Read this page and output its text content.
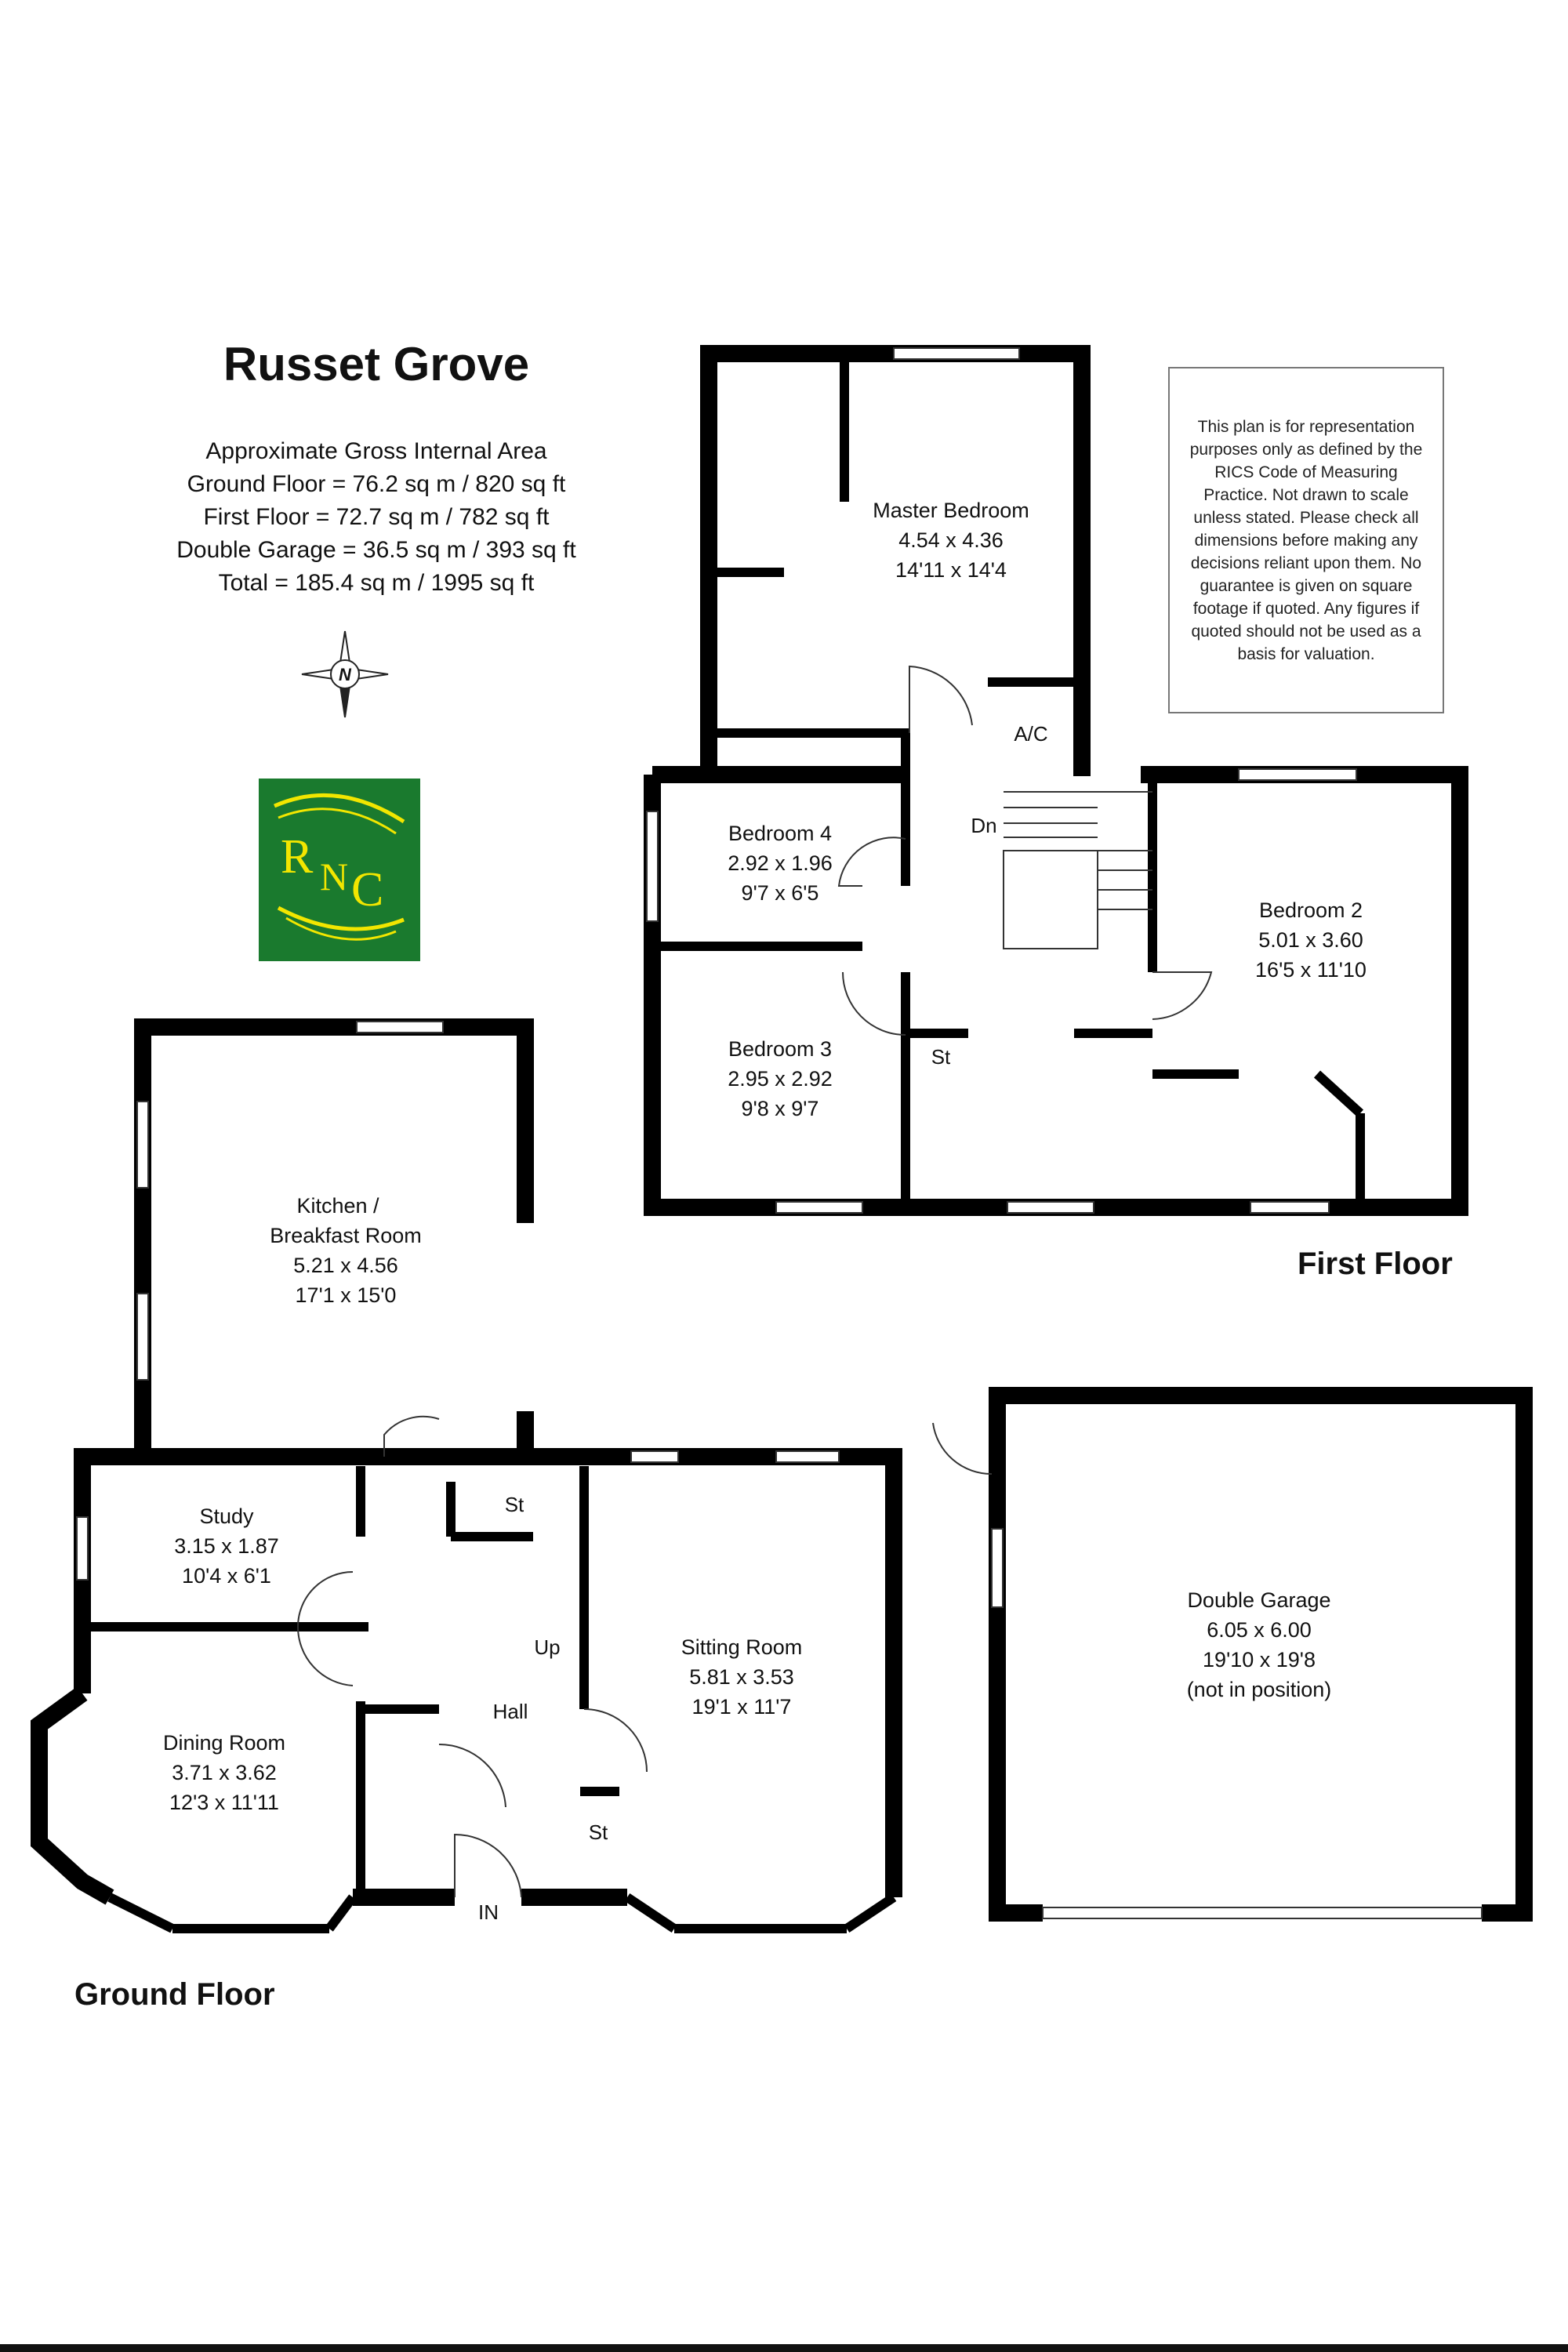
Russet Grove
Approximate Gross Internal Area
Ground Floor = 76.2 sq m / 820 sq ft
First Floor = 72.7 sq m / 782 sq ft
Double Garage = 36.5 sq m / 393 sq ft
Total = 185.4 sq m / 1995 sq ft
N
R N C
This plan is for representation purposes only as defined by the RICS Code of Measuring Practice. Not drawn to scale unless stated. Please check all dimensions before making any decisions reliant upon them. No guarantee is given on square footage if quoted. Any figures if quoted should not be used as a basis for valuation.
Master Bedroom
4.54 x 4.36
14'11 x 14'4
Bedroom 4
2.92 x 1.96
9'7 x 6'5
Bedroom 3
2.95 x 2.92
9'8 x 9'7
Bedroom 2
5.01 x 3.60
16'5 x 11'10
A/C
Dn
St
Kitchen /
Breakfast Room
5.21 x 4.56
17'1 x 15'0
Study
3.15 x 1.87
10'4 x 6'1
Dining Room
3.71 x 3.62
12'3 x 11'11
Sitting Room
5.81 x 3.53
19'1 x 11'7
Double Garage
6.05 x 6.00
19'10 x 19'8
(not in position)
St
Up
Hall
St
IN
First Floor
Ground Floor
